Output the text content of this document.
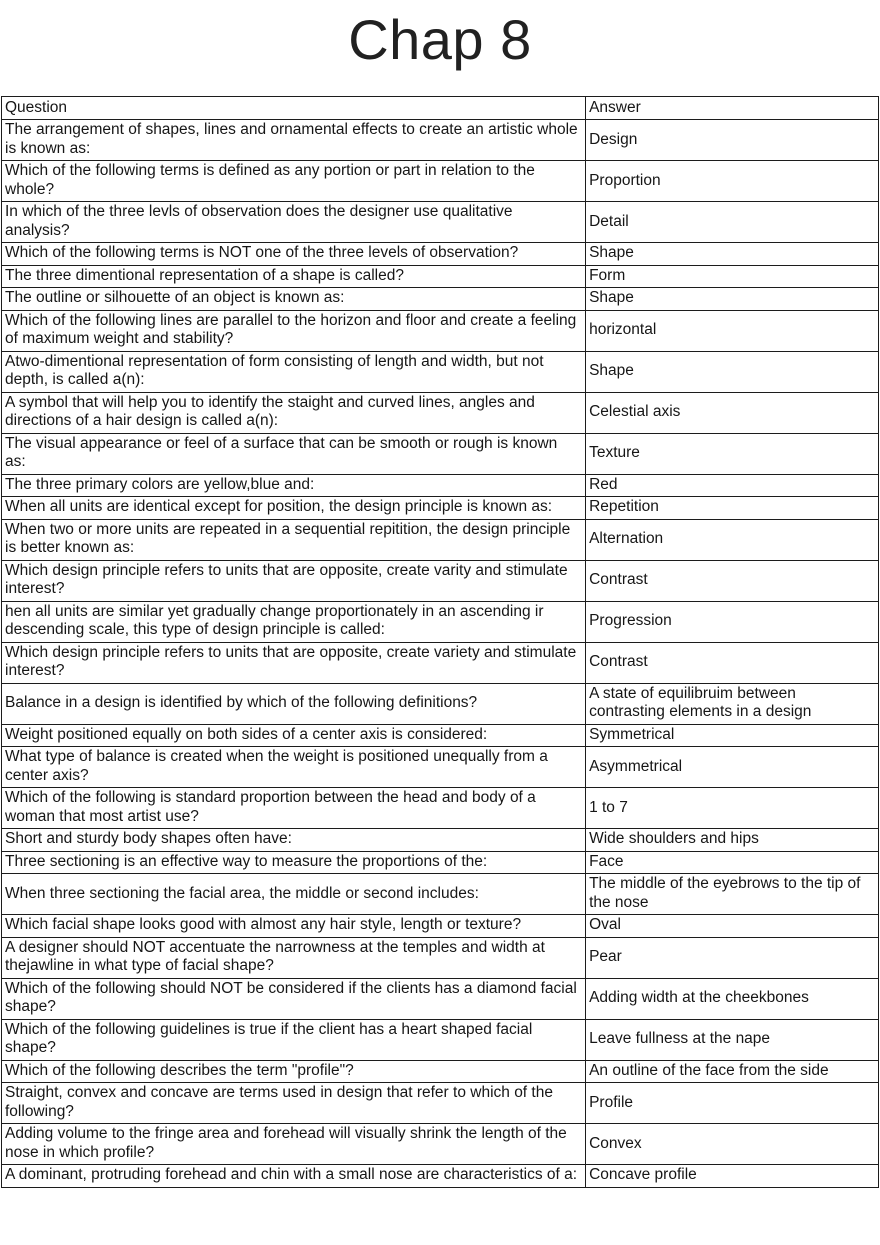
Chap 8
Question	Answer
The arrangement of shapes, lines and ornamental effects to create an artistic whole is known as:	Design
Which of the following terms is defined as any portion or part in relation to the whole?	Proportion
In which of the three levls of observation does the designer use qualitative analysis?	Detail
Which of the following terms is NOT one of the three levels of observation?	Shape
The three dimentional representation of a shape is called?	Form
The outline or silhouette of an object is known as:	Shape
Which of the following lines are parallel to the horizon and floor and create a feeling of maximum weight and stability?	horizontal
Atwo-dimentional representation of form consisting of length and width, but not depth, is called a(n):	Shape
A symbol that will help you to identify the staight and curved lines, angles and directions of a hair design is called a(n):	Celestial axis
The visual appearance or feel of a surface that can be smooth or rough is known as:	Texture
The three primary colors are yellow,blue and:	Red
When all units are identical except for position, the design principle is known as:	Repetition
When two or more units are repeated in a sequential repitition, the design principle is better known as:	Alternation
Which design principle refers to units that are opposite, create varity and stimulate interest?	Contrast
hen all units are similar yet gradually change proportionately in an ascending ir descending scale, this type of design principle is called:	Progression
Which design principle refers to units that are opposite, create variety and stimulate interest?	Contrast
Balance in a design is identified by which of the following definitions?	A state of equilibruim between contrasting elements in a design
Weight positioned equally on both sides of a center axis is considered:	Symmetrical
What type of balance is created when the weight is positioned unequally from a center axis?	Asymmetrical
Which of the following is standard proportion between the head and body of a woman that most artist use?	1 to 7
Short and sturdy body shapes often have:	Wide shoulders and hips
Three sectioning is an effective way to measure the proportions of the:	Face
When three sectioning the facial area, the middle or second includes:	The middle of the eyebrows to the tip of the nose
Which facial shape looks good with almost any hair style, length or texture?	Oval
A designer should NOT accentuate the narrowness at the temples and width at thejawline in what type of facial shape?	Pear
Which of the following should NOT be considered if the clients has a diamond facial shape?	Adding width at the cheekbones
Which of the following guidelines is true if the client has a heart shaped facial shape?	Leave fullness at the nape
Which of the following describes the term "profile"?	An outline of the face from the side
Straight, convex and concave are terms used in design that refer to which of the following?	Profile
Adding volume to the fringe area and forehead will visually shrink the length of the nose in which profile?	Convex
A dominant, protruding forehead and chin with a small nose are characteristics of a:	Concave profile
